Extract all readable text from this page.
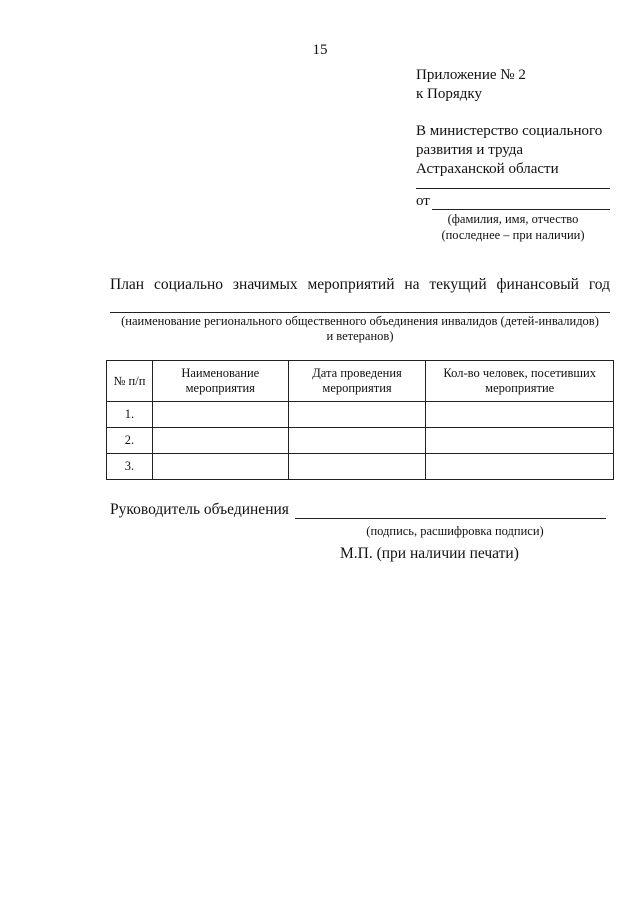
15
Приложение № 2
к Порядку
В министерство социального
развития и труда
Астраханской области
от
(фамилия, имя, отчество
(последнее – при наличии)
План социально значимых мероприятий на текущий финансовый год
(наименование регионального общественного объединения инвалидов (детей-инвалидов)
и ветеранов)
№ п/п	Наименование мероприятия	Дата проведения мероприятия	Кол-во человек, посетивших мероприятие
1.			
2.			
3.			
Руководитель объединения
(подпись, расшифровка подписи)
М.П. (при наличии печати)
